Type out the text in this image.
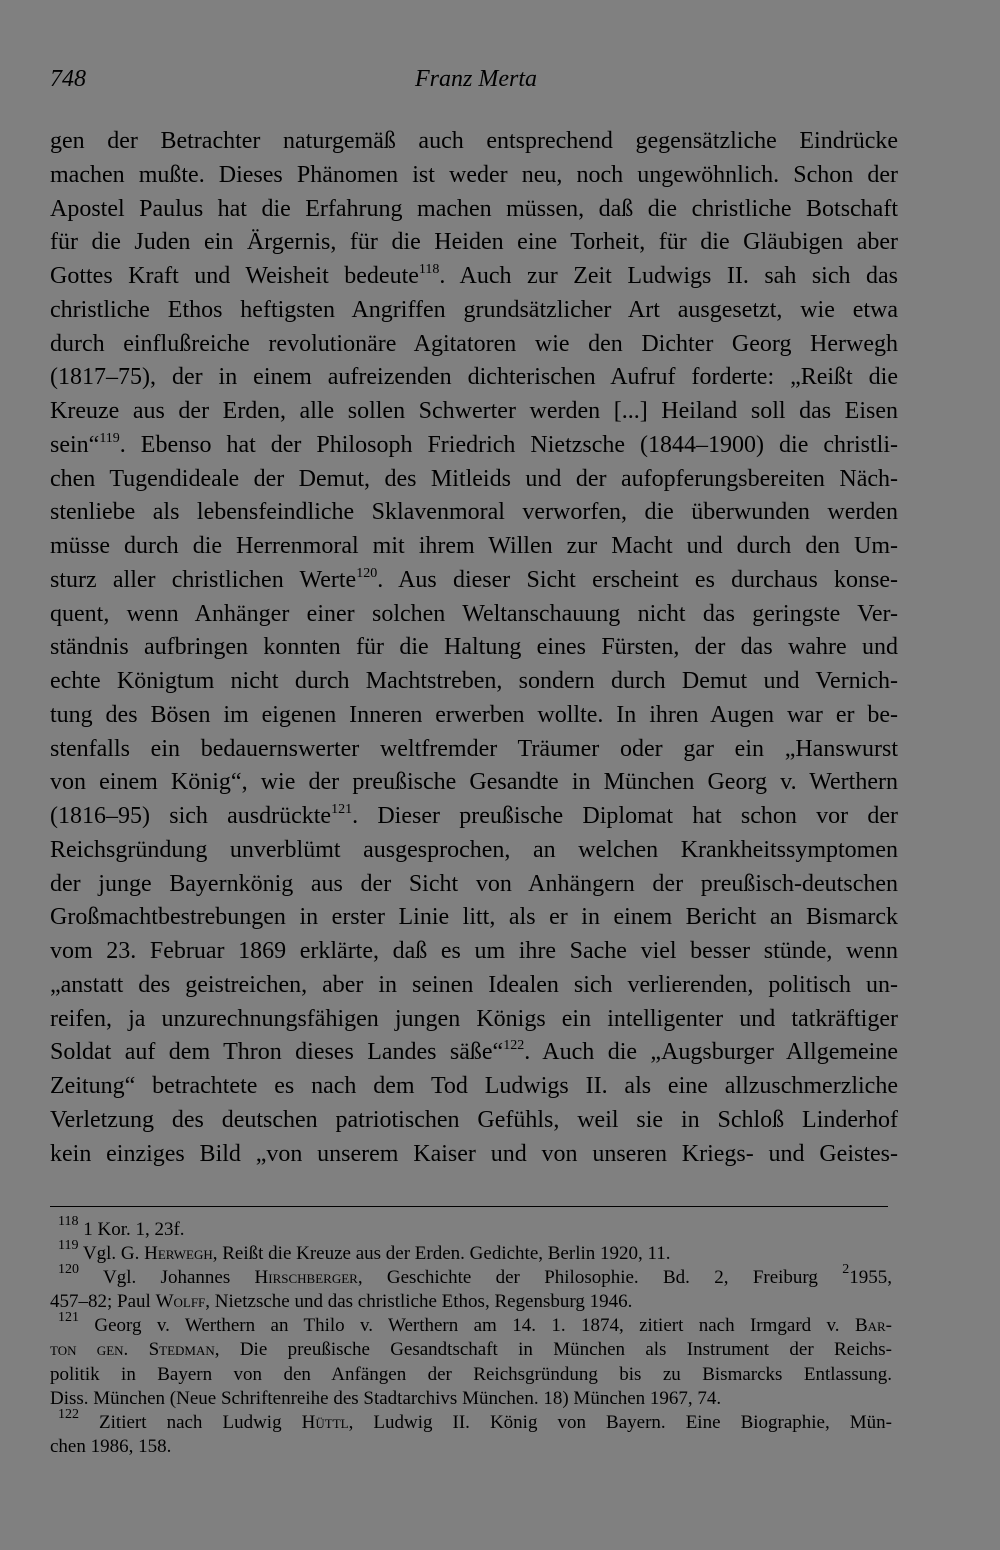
748	Franz Merta
gen der Betrachter naturgemäß auch entsprechend gegensätzliche Eindrücke
machen mußte. Dieses Phänomen ist weder neu, noch ungewöhnlich. Schon der
Apostel Paulus hat die Erfahrung machen müssen, daß die christliche Botschaft
für die Juden ein Ärgernis, für die Heiden eine Torheit, für die Gläubigen aber
Gottes Kraft und Weisheit bedeute$^{118}$. Auch zur Zeit Ludwigs II. sah sich das
christliche Ethos heftigsten Angriffen grundsätzlicher Art ausgesetzt, wie etwa
durch einflußreiche revolutionäre Agitatoren wie den Dichter Georg Herwegh
(1817–75), der in einem aufreizenden dichterischen Aufruf forderte: „Reißt die
Kreuze aus der Erden, alle sollen Schwerter werden [...] Heiland soll das Eisen
sein“$^{119}$. Ebenso hat der Philosoph Friedrich Nietzsche (1844–1900) die christli-
chen Tugendideale der Demut, des Mitleids und der aufopferungsbereiten Näch-
stenliebe als lebensfeindliche Sklavenmoral verworfen, die überwunden werden
müsse durch die Herrenmoral mit ihrem Willen zur Macht und durch den Um-
sturz aller christlichen Werte$^{120}$. Aus dieser Sicht erscheint es durchaus konse-
quent, wenn Anhänger einer solchen Weltanschauung nicht das geringste Ver-
ständnis aufbringen konnten für die Haltung eines Fürsten, der das wahre und
echte Königtum nicht durch Machtstreben, sondern durch Demut und Vernich-
tung des Bösen im eigenen Inneren erwerben wollte. In ihren Augen war er be-
stenfalls ein bedauernswerter weltfremder Träumer oder gar ein „Hanswurst
von einem König“, wie der preußische Gesandte in München Georg v. Werthern
(1816–95) sich ausdrückte$^{121}$. Dieser preußische Diplomat hat schon vor der
Reichsgründung unverblümt ausgesprochen, an welchen Krankheitssymptomen
der junge Bayernkönig aus der Sicht von Anhängern der preußisch-deutschen
Großmachtbestrebungen in erster Linie litt, als er in einem Bericht an Bismarck
vom 23. Februar 1869 erklärte, daß es um ihre Sache viel besser stünde, wenn
„anstatt des geistreichen, aber in seinen Idealen sich verlierenden, politisch un-
reifen, ja unzurechnungsfähigen jungen Königs ein intelligenter und tatkräftiger
Soldat auf dem Thron dieses Landes säße“$^{122}$. Auch die „Augsburger Allgemeine
Zeitung“ betrachtete es nach dem Tod Ludwigs II. als eine allzuschmerzliche
Verletzung des deutschen patriotischen Gefühls, weil sie in Schloß Linderhof
kein einziges Bild „von unserem Kaiser und von unseren Kriegs- und Geistes-
$^{118}$ 1 Kor. 1, 23f.
$^{119}$ Vgl. G. Herwegh, Reißt die Kreuze aus der Erden. Gedichte, Berlin 1920, 11.
$^{120}$ Vgl. Johannes Hirschberger, Geschichte der Philosophie. Bd. 2, Freiburg $^2$1955,
457–82; Paul Wolff, Nietzsche und das christliche Ethos, Regensburg 1946.
$^{121}$ Georg v. Werthern an Thilo v. Werthern am 14. 1. 1874, zitiert nach Irmgard v. Bar-
ton gen. Stedman, Die preußische Gesandtschaft in München als Instrument der Reichs-
politik in Bayern von den Anfängen der Reichsgründung bis zu Bismarcks Entlassung.
Diss. München (Neue Schriftenreihe des Stadtarchivs München. 18) München 1967, 74.
$^{122}$ Zitiert nach Ludwig Hüttl, Ludwig II. König von Bayern. Eine Biographie, Mün-
chen 1986, 158.
